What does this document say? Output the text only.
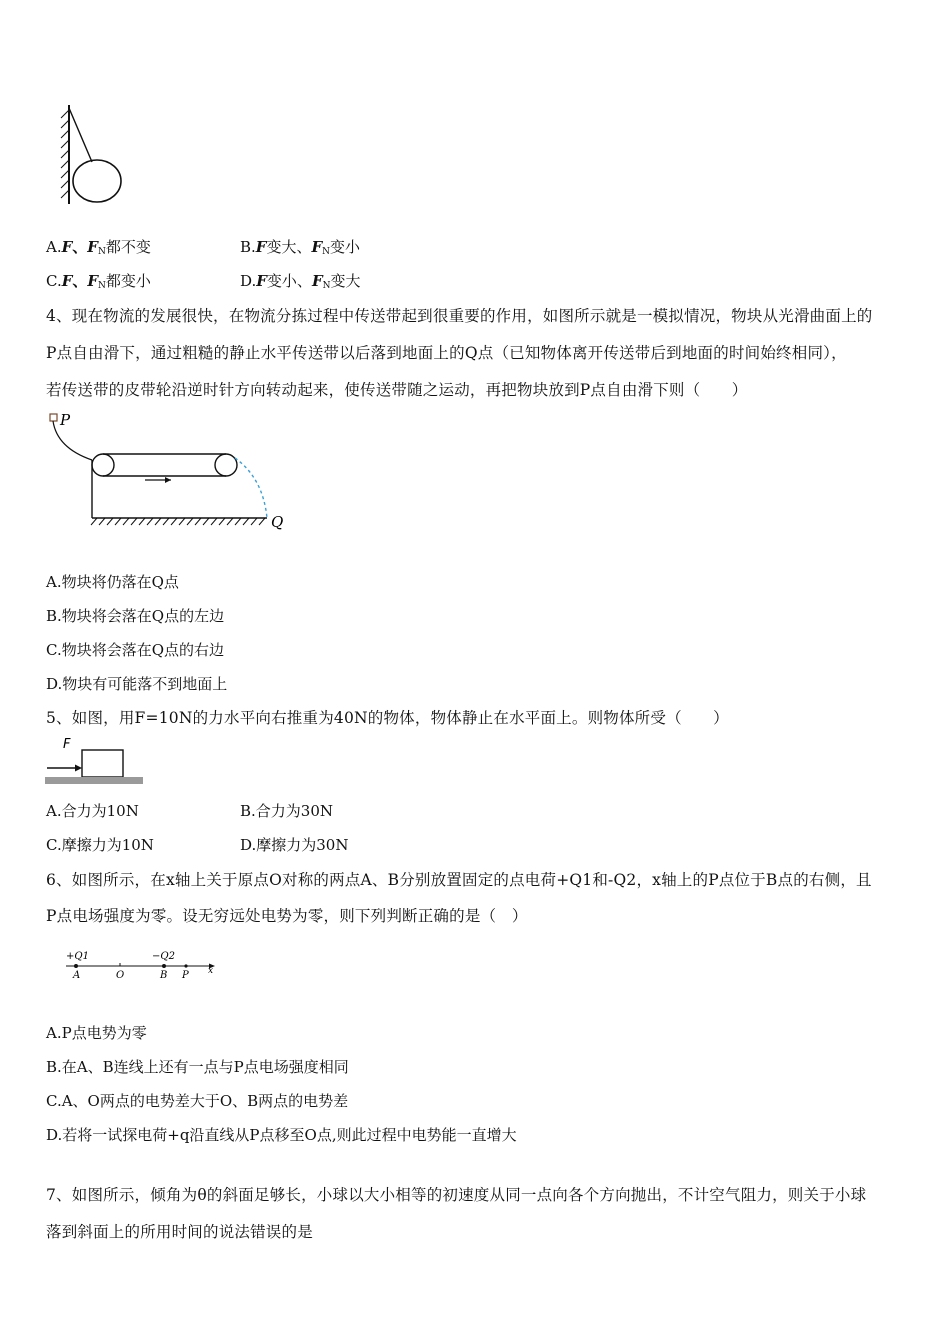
A.F、$F_N$都不变	B.F变大、$F_N$变小
C.F、$F_N$都变小	D.F变小、$F_N$变大
4、现在物流的发展很快，在物流分拣过程中传送带起到很重要的作用，如图所示就是一模拟情况，物块从光滑曲面上的
P点自由滑下，通过粗糙的静止水平传送带以后落到地面上的Q点（已知物体离开传送带后到地面的时间始终相同），
若传送带的皮带轮沿逆时针方向转动起来，使传送带随之运动，再把物块放到P点自由滑下则（　　）
P
Q
A.物块将仍落在Q点
B.物块将会落在Q点的左边
C.物块将会落在Q点的右边
D.物块有可能落不到地面上
5、如图，用F=10N的力水平向右推重为40N的物体，物体静止在水平面上。则物体所受（　　）
F
A.合力为10N	B.合力为30N
C.摩擦力为10N	D.摩擦力为30N
6、如图所示，在x轴上关于原点O对称的两点A、B分别放置固定的点电荷+Q1和-Q2，x轴上的P点位于B点的右侧，且
P点电场强度为零。设无穷远处电势为零，则下列判断正确的是（　）
+Q1	−Q2
A	O	B P x
A.P点电势为零
B.在A、B连线上还有一点与P点电场强度相同
C.A、O两点的电势差大于O、B两点的电势差
D.若将一试探电荷+q沿直线从P点移至O点,则此过程中电势能一直增大
7、如图所示，倾角为θ的斜面足够长，小球以大小相等的初速度从同一点向各个方向抛出，不计空气阻力，则关于小球
落到斜面上的所用时间的说法错误的是
